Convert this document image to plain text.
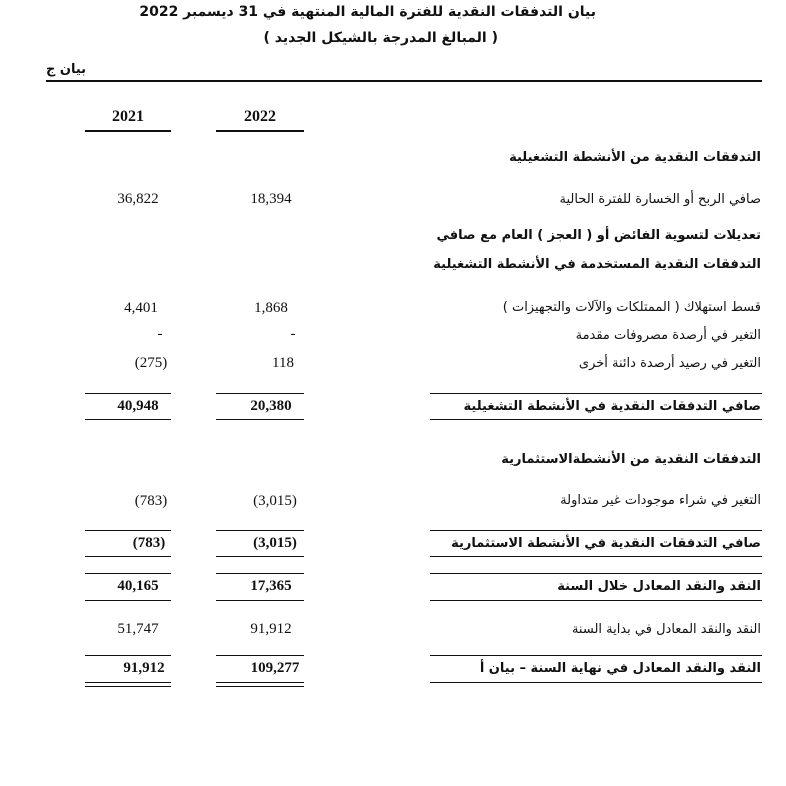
بيان التدفقات النقدية للفترة المالية المنتهية في 31 ديسمبر 2022
( المبالغ المدرجة بالشيكل الجديد )
بيان ج
2022
2021
التدفقات النقدية من الأنشطة التشغيلية
صافي الربح أو الخسارة للفترة الحالية
18,394
36,822
تعديلات لتسوية الفائض أو ( العجز ) العام مع صافي
التدفقات النقدية المستخدمة في الأنشطة التشغيلية
قسط استهلاك ( الممتلكات والآلات والتجهيزات )
1,868
4,401
التغير في أرصدة مصروفات مقدمة
-
-
التغير في رصيد أرصدة دائنة أخرى
118
(275)
صافي التدفقات النقدية في الأنشطة التشغيلية
20,380
40,948
التدفقات النقدية من الأنشطةالاستثمارية
التغير في شراء موجودات غير متداولة
(3,015)
(783)
صافي التدفقات النقدية في الأنشطة الاستثمارية
(3,015)
(783)
النقد والنقد المعادل خلال السنة
17,365
40,165
النقد والنقد المعادل في بداية السنة
91,912
51,747
النقد والنقد المعادل في نهاية السنة – بيان أ
109,277
91,912
